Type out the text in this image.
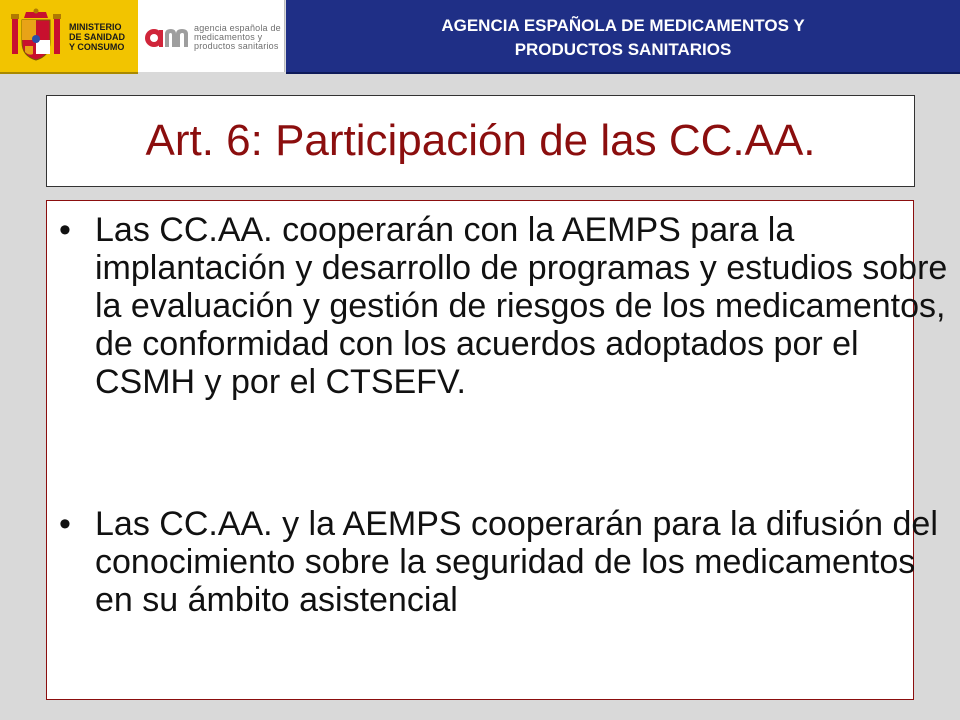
MINISTERIO
DE SANIDAD
Y CONSUMO
agencia española de
medicamentos y
productos sanitarios
AGENCIA ESPAÑOLA DE MEDICAMENTOS Y
PRODUCTOS SANITARIOS
Art. 6: Participación de las CC.AA.
• Las CC.AA. cooperarán con la AEMPS para la implantación y desarrollo de programas y estudios sobre la evaluación y gestión de riesgos de los medicamentos, de conformidad con los acuerdos adoptados por el CSMH y por el CTSEFV.
• Las CC.AA. y la AEMPS cooperarán para la difusión del conocimiento sobre la seguridad de los medicamentos en su ámbito asistencial
